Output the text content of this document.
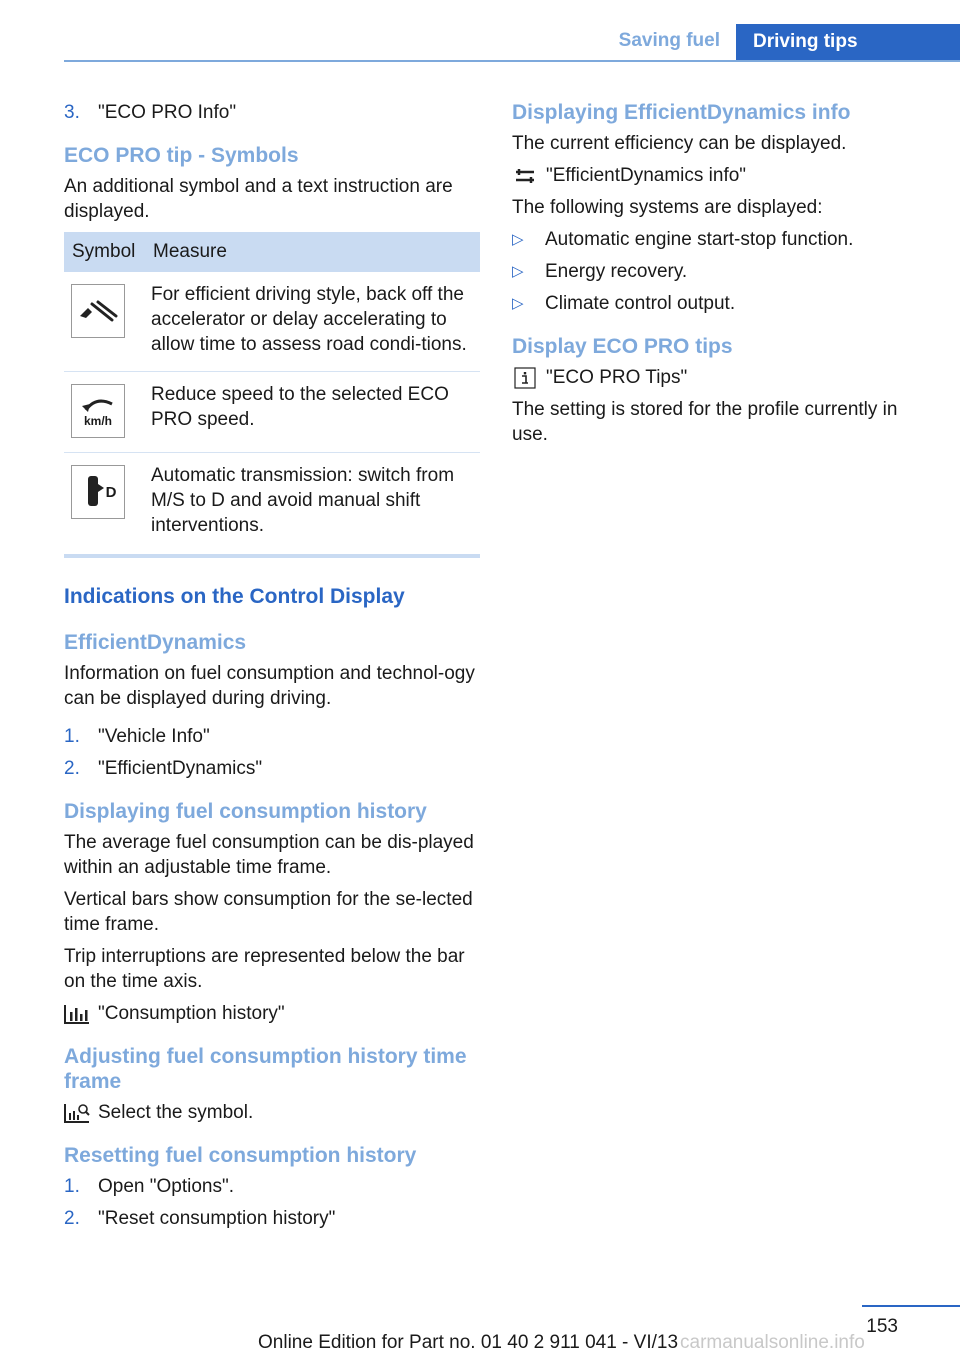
Saving fuel	Driving tips
3. "ECO PRO Info"
ECO PRO tip - Symbols

An additional symbol and a text instruction are displayed.

Symbol	Measure

	For efficient driving style, back off the accelerator or delay accelerating to allow time to assess road condi-tions.

km/h	Reduce speed to the selected ECO PRO speed.

D	Automatic transmission: switch from M/S to D and avoid manual shift interventions.
Indications on the Control Display
EfficientDynamics

Information on fuel consumption and technol-ogy can be displayed during driving.

1. "Vehicle Info"
2. "EfficientDynamics"
Displaying fuel consumption history

The average fuel consumption can be dis-played within an adjustable time frame.

Vertical bars show consumption for the se-lected time frame.

Trip interruptions are represented below the bar on the time axis.

"Consumption history"
Adjusting fuel consumption history time frame
Select the symbol.
Resetting fuel consumption history
1. Open "Options".
2. "Reset consumption history"
Displaying EfficientDynamics info

The current efficiency can be displayed.

"EfficientDynamics info"

The following systems are displayed:

▷	Automatic engine start-stop function.
▷	Energy recovery.
▷	Climate control output.
Display ECO PRO tips
"ECO PRO Tips"

The setting is stored for the profile currently in use.

153
Online Edition for Part no. 01 40 2 911 041 - VI/13 carmanualsonline.info
